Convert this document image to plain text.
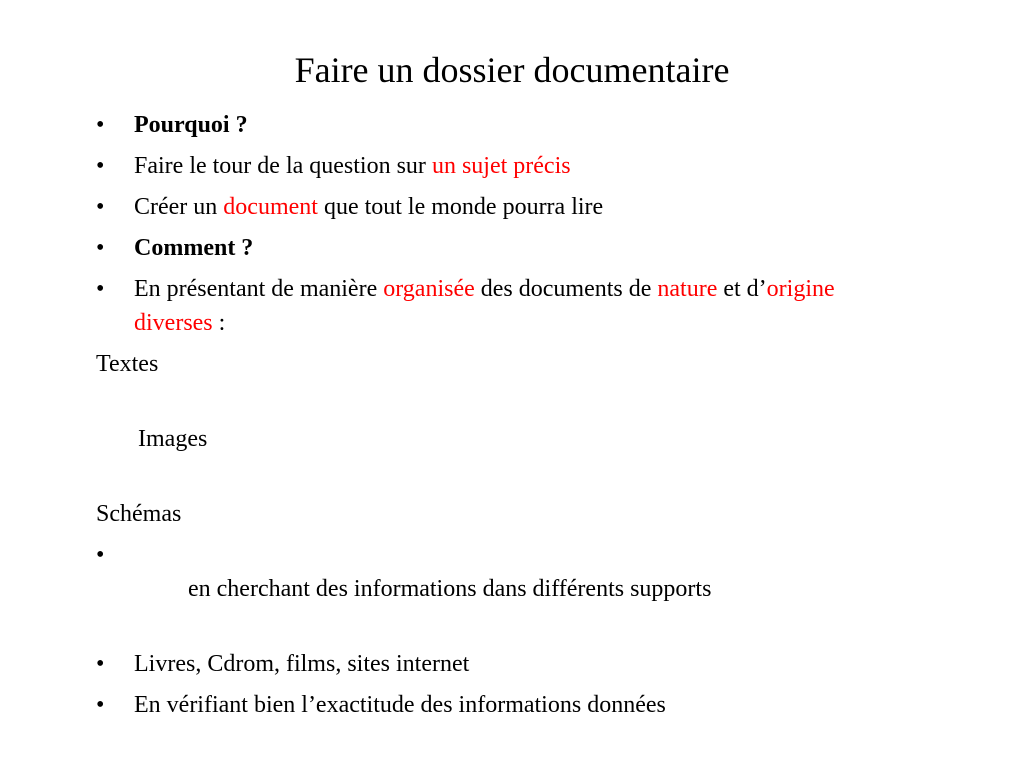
Faire un dossier documentaire
•	Pourquoi ?
•	Faire le tour de la question sur un sujet précis
•	Créer un document que tout le monde pourra lire
•	Comment ?
•	En présentant de manière organisée des documents de nature et d’origine diverses :
Textes

Images

Schémas
•

en cherchant des informations dans différents supports

•	Livres, Cdrom, films, sites internet
•	En vérifiant bien l’exactitude des informations données
